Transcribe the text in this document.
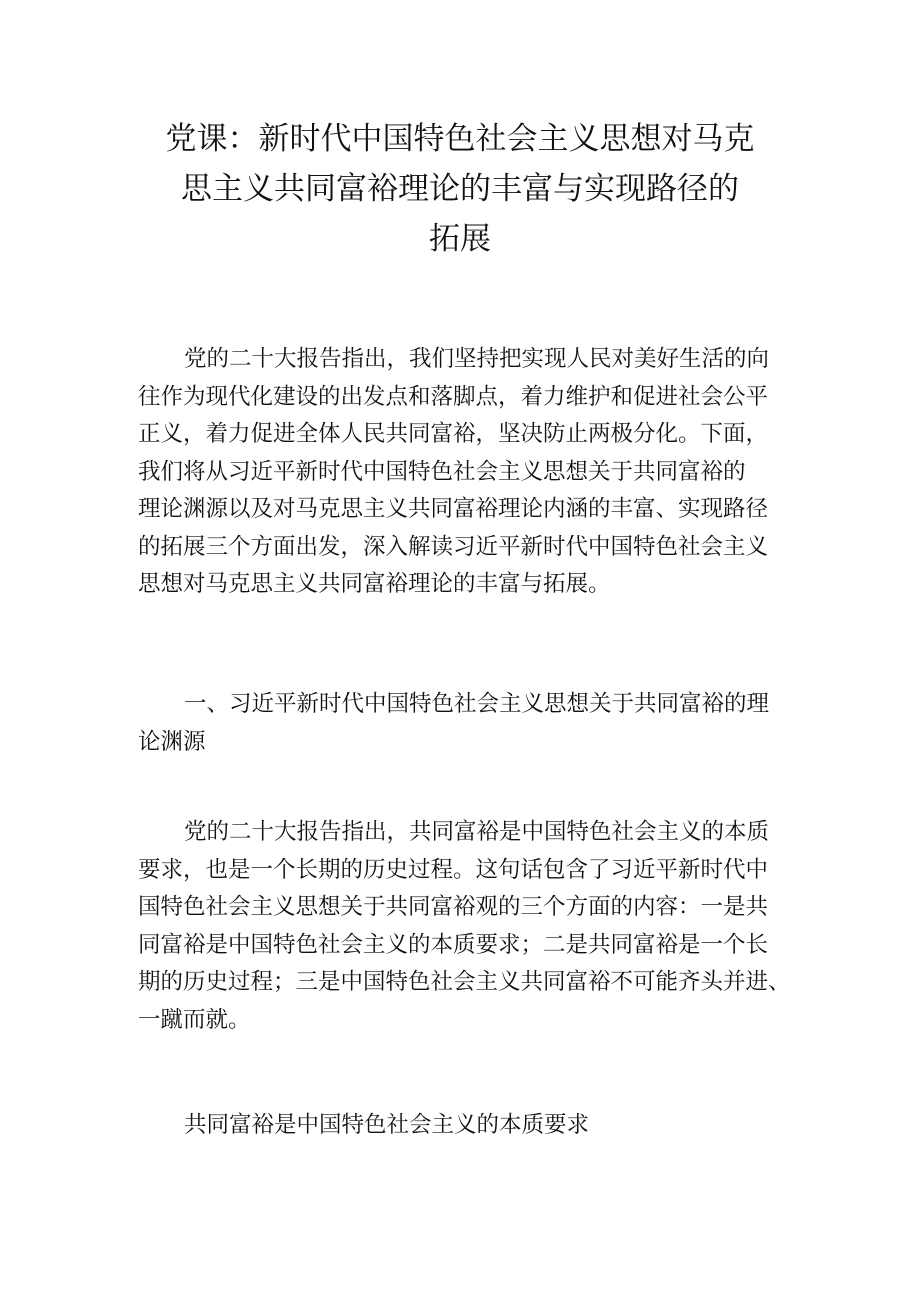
党课：新时代中国特色社会主义思想对马克
思主义共同富裕理论的丰富与实现路径的
拓展

党的二十大报告指出，我们坚持把实现人民对美好生活的向
往作为现代化建设的出发点和落脚点，着力维护和促进社会公平
正义，着力促进全体人民共同富裕，坚决防止两极分化。下面，
我们将从习近平新时代中国特色社会主义思想关于共同富裕的
理论渊源以及对马克思主义共同富裕理论内涵的丰富、实现路径
的拓展三个方面出发，深入解读习近平新时代中国特色社会主义
思想对马克思主义共同富裕理论的丰富与拓展。

一、习近平新时代中国特色社会主义思想关于共同富裕的理
论渊源

党的二十大报告指出，共同富裕是中国特色社会主义的本质
要求，也是一个长期的历史过程。这句话包含了习近平新时代中
国特色社会主义思想关于共同富裕观的三个方面的内容：一是共
同富裕是中国特色社会主义的本质要求；二是共同富裕是一个长
期的历史过程；三是中国特色社会主义共同富裕不可能齐头并进、
一蹴而就。

共同富裕是中国特色社会主义的本质要求
